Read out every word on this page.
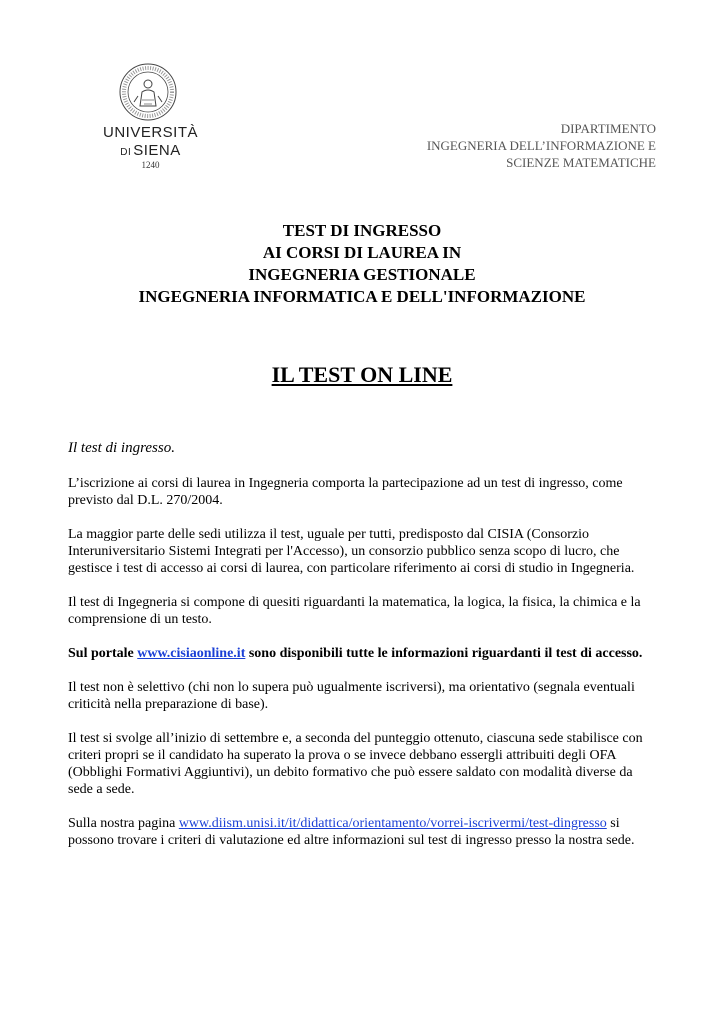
UNIVERSITÀ
DI SIENA
1240
DIPARTIMENTO
INGEGNERIA DELL’INFORMAZIONE E
SCIENZE MATEMATICHE
TEST DI INGRESSO
AI CORSI DI LAUREA IN
INGEGNERIA GESTIONALE
INGEGNERIA INFORMATICA E DELL'INFORMAZIONE
IL TEST ON LINE
Il test di ingresso.

L’iscrizione ai corsi di laurea in Ingegneria comporta la partecipazione ad un test di ingresso, come previsto dal D.L. 270/2004.

La maggior parte delle sedi utilizza il test, uguale per tutti, predisposto dal CISIA (Consorzio Interuniversitario Sistemi Integrati per l'Accesso), un consorzio pubblico senza scopo di lucro, che gestisce i test di accesso ai corsi di laurea, con particolare riferimento ai corsi di studio in Ingegneria.

Il test di Ingegneria si compone di quesiti riguardanti la matematica, la logica, la fisica, la chimica e la comprensione di un testo.

Sul portale www.cisiaonline.it sono disponibili tutte le informazioni riguardanti il test di accesso.

Il test non è selettivo (chi non lo supera può ugualmente iscriversi), ma orientativo (segnala eventuali criticità nella preparazione di base).

Il test si svolge all’inizio di settembre e, a seconda del punteggio ottenuto, ciascuna sede stabilisce con criteri propri se il candidato ha superato la prova o se invece debbano essergli attribuiti degli OFA (Obblighi Formativi Aggiuntivi), un debito formativo che può essere saldato con modalità diverse da sede a sede.

Sulla nostra pagina www.diism.unisi.it/it/didattica/orientamento/vorrei-iscrivermi/test-dingresso si possono trovare i criteri di valutazione ed altre informazioni sul test di ingresso presso la nostra sede.
